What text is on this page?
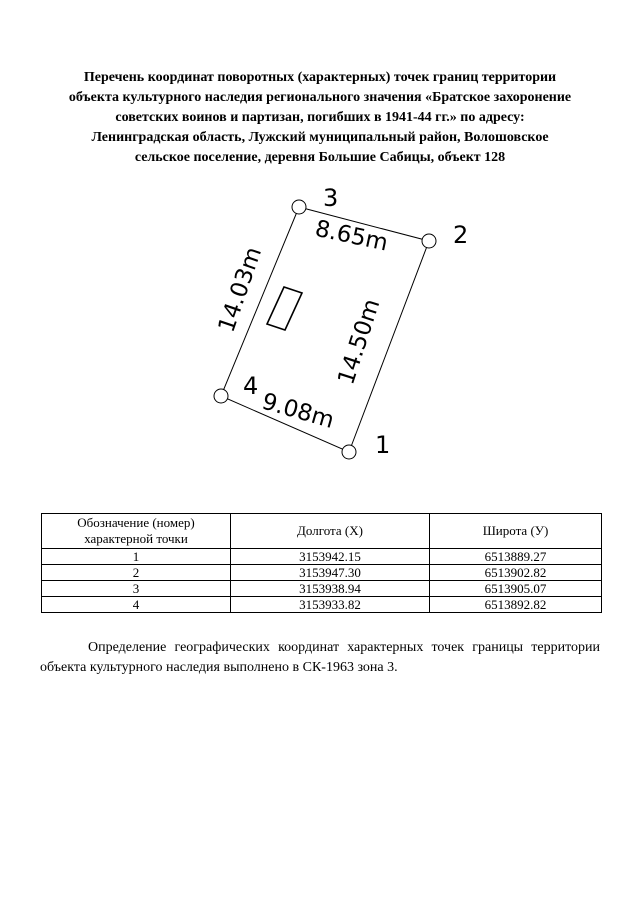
Перечень координат поворотных (характерных) точек границ территории
объекта культурного наследия регионального значения «Братское захоронение
советских воинов и партизан, погибших в 1941-44 гг.» по адресу:
Ленинградская область, Лужский муниципальный район, Волошовское
сельское поселение, деревня Большие Сабицы, объект 128
1
2
3
4
8.65m
14.50m
9.08m
14.03m
Обозначение (номер) характерной точки	Долгота (X)	Широта (У)
1	3153942.15	6513889.27
2	3153947.30	6513902.82
3	3153938.94	6513905.07
4	3153933.82	6513892.82

Определение географических координат характерных точек границы территории объекта культурного наследия выполнено в СК-1963 зона 3.
